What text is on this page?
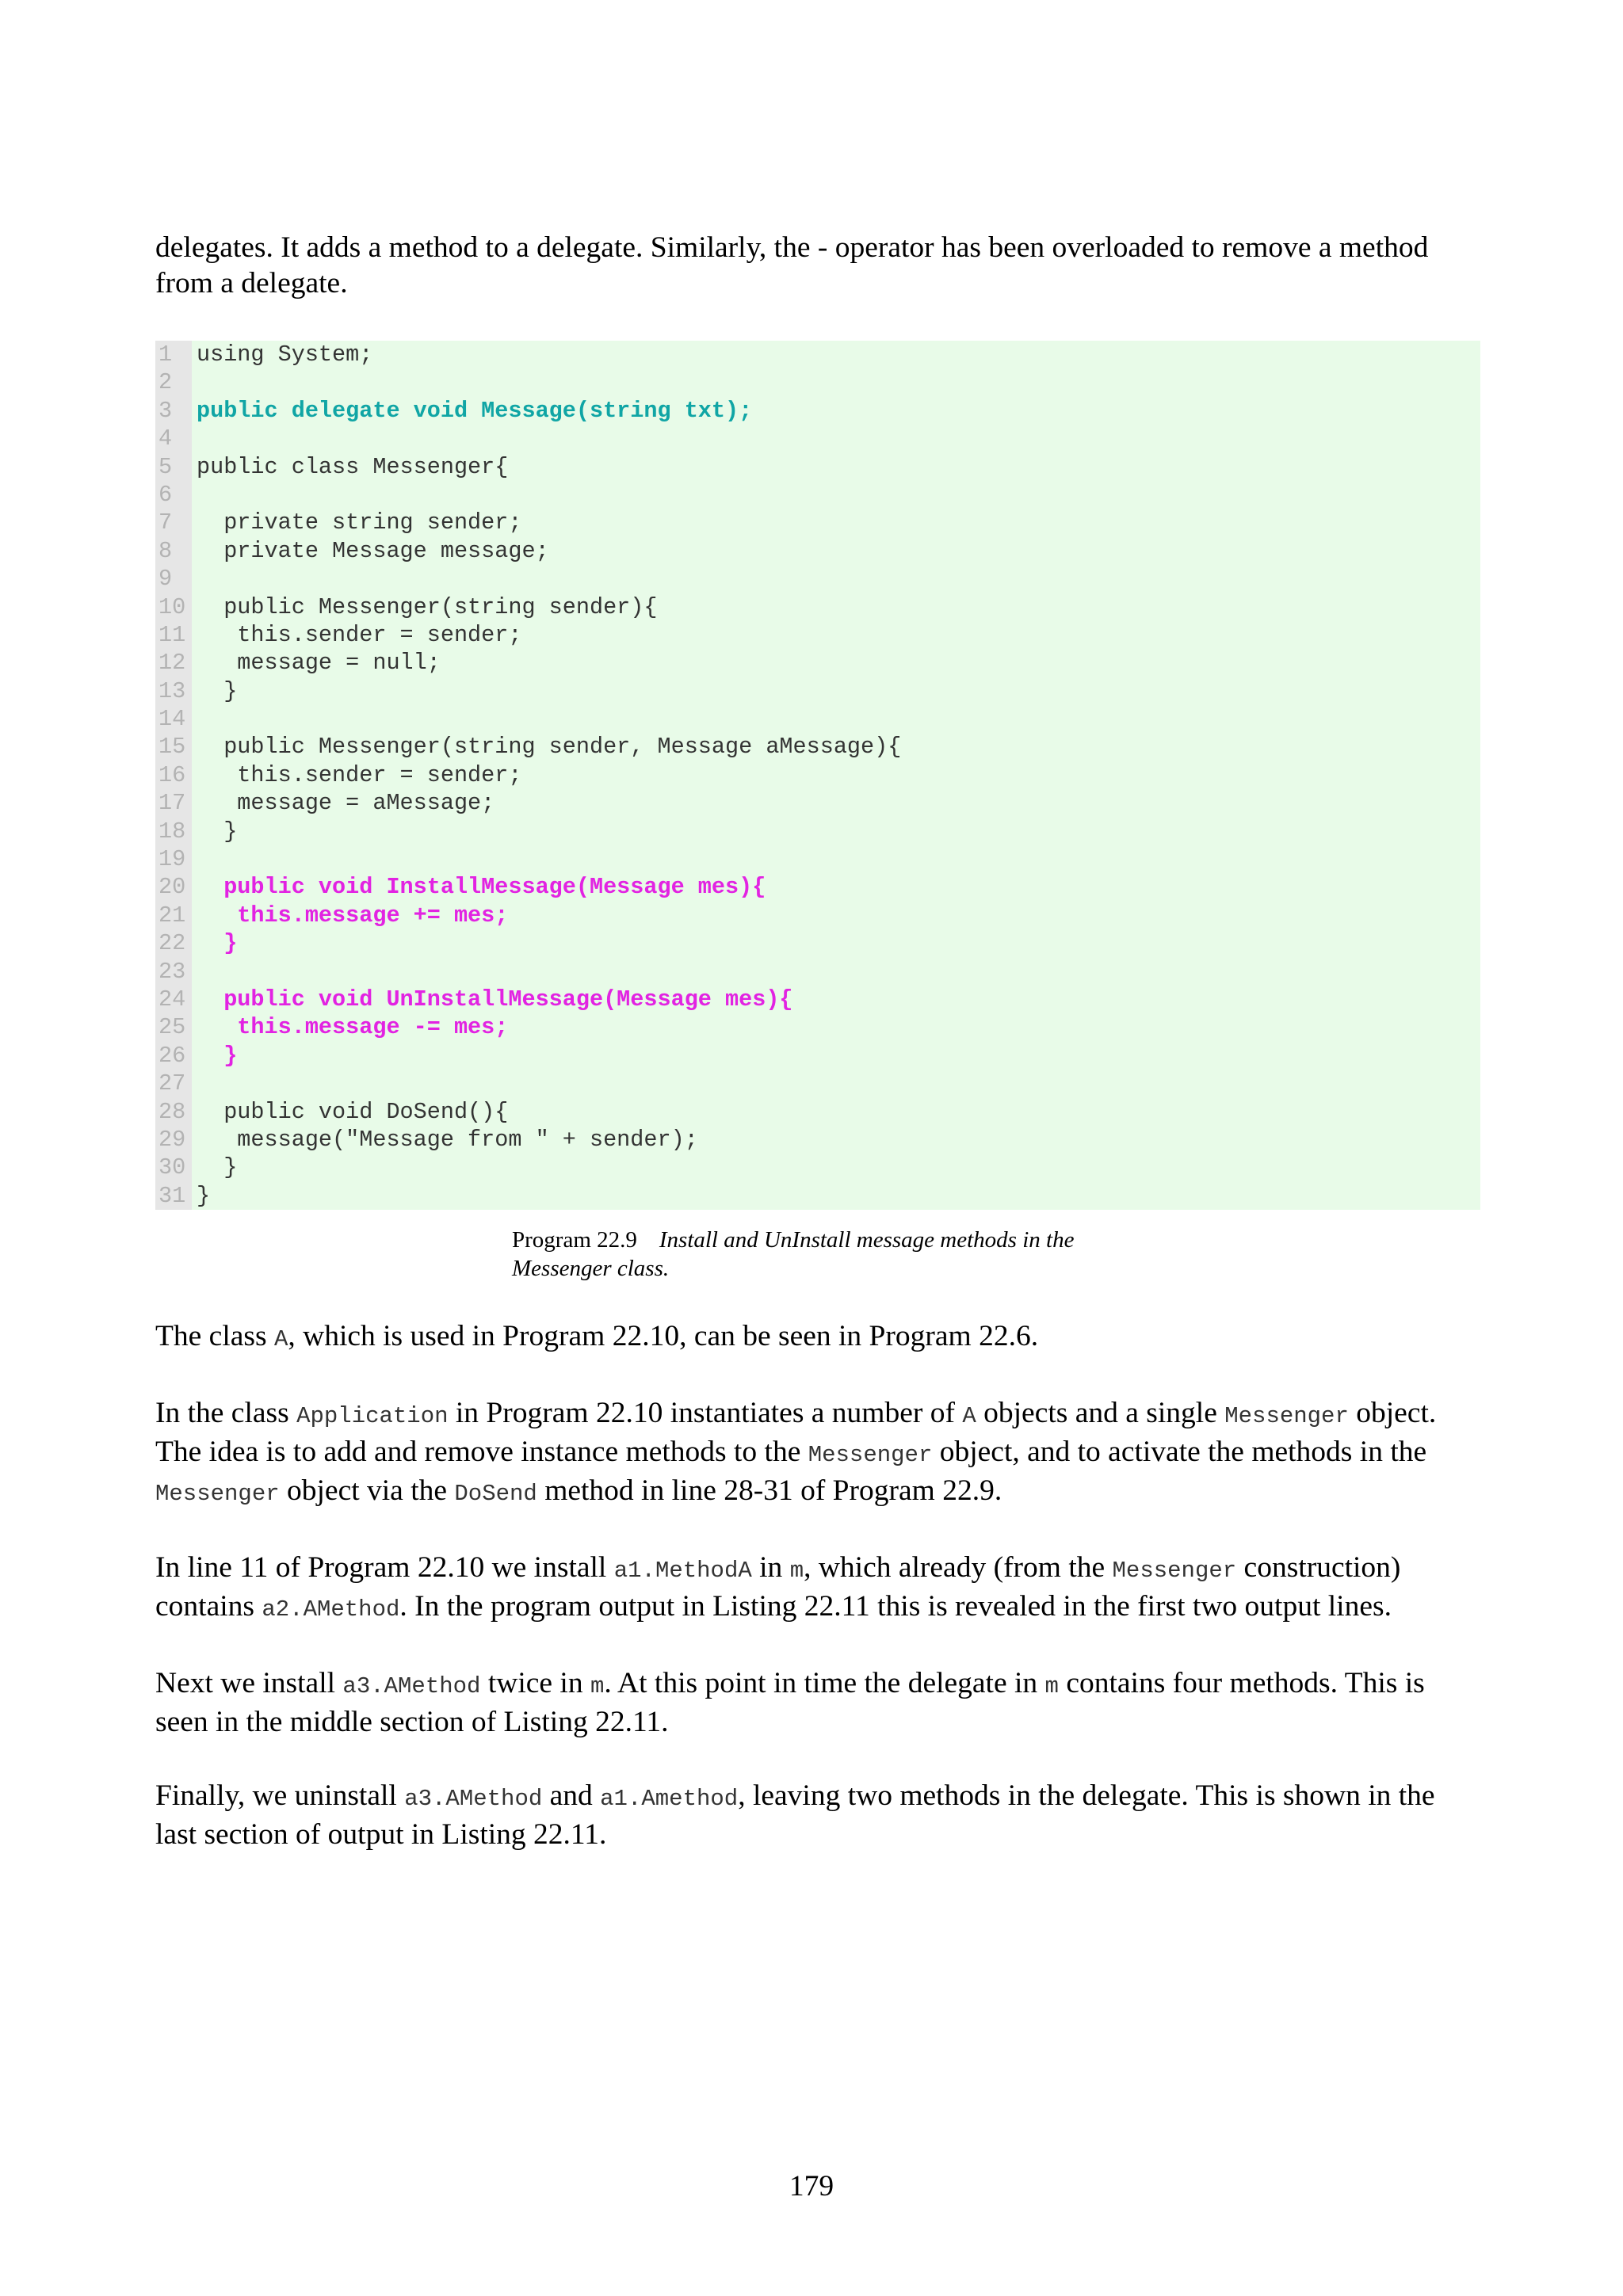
delegates. It adds a method to a delegate. Similarly, the - operator has been overloaded to remove a method from a delegate.

1
2
3
4
5
6
7
8
9
10
11
12
13
14
15
16
17
18
19
20
21
22
23
24
25
26
27
28
29
30
31
using System;
public delegate void Message(string txt);
public class Messenger{
private string sender;
private Message message;
public Messenger(string sender){
this.sender = sender;
message = null;
}
public Messenger(string sender, Message aMessage){
this.sender = sender;
message = aMessage;
}
public void InstallMessage(Message mes){
this.message += mes;
}
public void UnInstallMessage(Message mes){
this.message -= mes;
}
public void DoSend(){
message("Message from " + sender);
}
}
Program 22.9 Install and UnInstall message methods in the Messenger class.

The class A, which is used in Program 22.10, can be seen in Program 22.6.

In the class Application in Program 22.10 instantiates a number of A objects and a single Messenger object. The idea is to add and remove instance methods to the Messenger object, and to activate the methods in the Messenger object via the DoSend method in line 28-31 of Program 22.9.

In line 11 of Program 22.10 we install a1.MethodA in m, which already (from the Messenger construction) contains a2.AMethod. In the program output in Listing 22.11 this is revealed in the first two output lines.

Next we install a3.AMethod twice in m. At this point in time the delegate in m contains four methods. This is seen in the middle section of Listing 22.11.

Finally, we uninstall a3.AMethod and a1.Amethod, leaving two methods in the delegate. This is shown in the last section of output in Listing 22.11.

179
